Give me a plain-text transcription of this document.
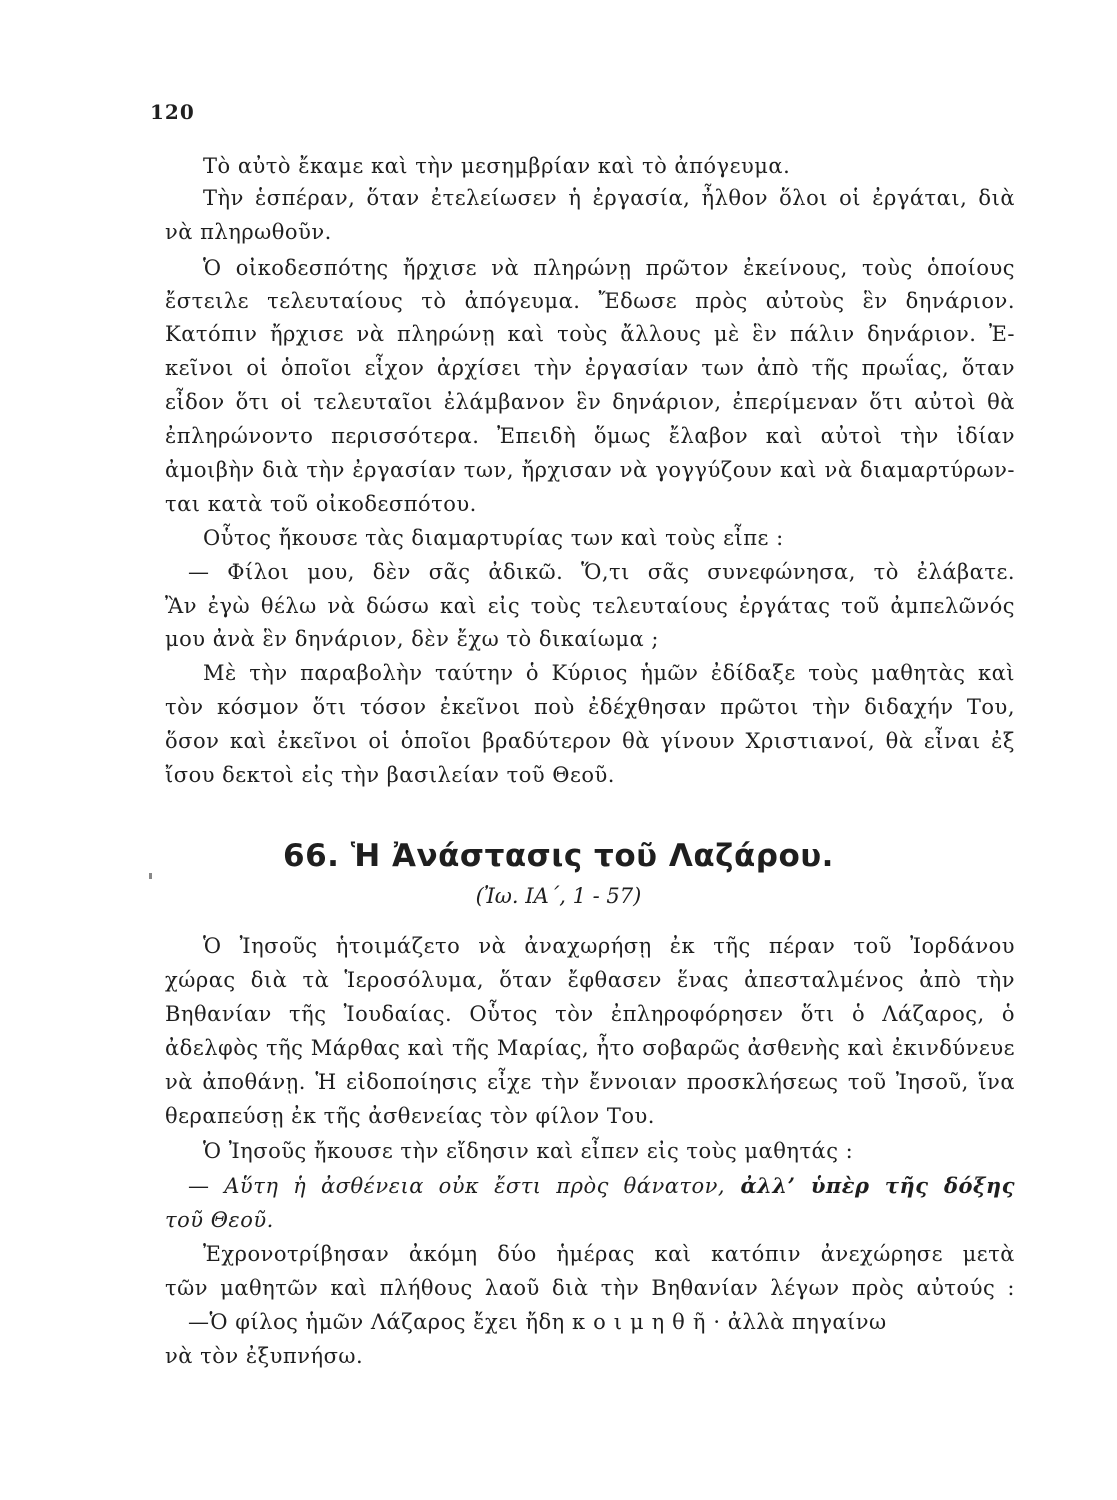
120
Τὸ αὐτὸ ἔκαμε καὶ τὴν μεσημβρίαν καὶ τὸ ἀπόγευμα.
Τὴν ἑσπέραν, ὅταν ἐτελείωσεν ἡ ἐργασία, ἦλθον ὅλοι οἱ ἐργάται, διὰ
νὰ πληρωθοῦν.
Ὁ οἰκοδεσπότης ἤρχισε νὰ πληρώνῃ πρῶτον ἐκείνους, τοὺς ὁποίους
ἔστειλε τελευταίους τὸ ἀπόγευμα. Ἔδωσε πρὸς αὐτοὺς ἓν δηνάριον.
Κατόπιν ἤρχισε νὰ πληρώνῃ καὶ τοὺς ἄλλους μὲ ἓν πάλιν δηνάριον. Ἐ-
κεῖνοι οἱ ὁποῖοι εἶχον ἀρχίσει τὴν ἐργασίαν των ἀπὸ τῆς πρωΐας, ὅταν
εἶδον ὅτι οἱ τελευταῖοι ἐλάμβανον ἓν δηνάριον, ἐπερίμεναν ὅτι αὐτοὶ θὰ
ἐπληρώνοντο περισσότερα. Ἐπειδὴ ὅμως ἔλαβον καὶ αὐτοὶ τὴν ἰδίαν
ἀμοιβὴν διὰ τὴν ἐργασίαν των, ἤρχισαν νὰ γογγύζουν καὶ νὰ διαμαρτύρων-
ται κατὰ τοῦ οἰκοδεσπότου.
Οὗτος ἤκουσε τὰς διαμαρτυρίας των καὶ τοὺς εἶπε :
— Φίλοι μου, δὲν σᾶς ἀδικῶ. Ὅ,τι σᾶς συνεφώνησα, τὸ ἐλάβατε.
Ἂν ἐγὼ θέλω νὰ δώσω καὶ εἰς τοὺς τελευταίους ἐργάτας τοῦ ἀμπελῶνός
μου ἀνὰ ἓν δηνάριον, δὲν ἔχω τὸ δικαίωμα ;
Μὲ τὴν παραβολὴν ταύτην ὁ Κύριος ἡμῶν ἐδίδαξε τοὺς μαθητὰς καὶ
τὸν κόσμον ὅτι τόσον ἐκεῖνοι ποὺ ἐδέχθησαν πρῶτοι τὴν διδαχήν Του,
ὅσον καὶ ἐκεῖνοι οἱ ὁποῖοι βραδύτερον θὰ γίνουν Χριστιανοί, θὰ εἶναι ἐξ
ἴσου δεκτοὶ εἰς τὴν βασιλείαν τοῦ Θεοῦ.
66. Ἡ Ἀνάστασις τοῦ Λαζάρου.
(Ἰω. ΙΑ΄, 1 - 57)
Ὁ Ἰησοῦς ἡτοιμάζετο νὰ ἀναχωρήσῃ ἐκ τῆς πέραν τοῦ Ἰορδάνου
χώρας διὰ τὰ Ἱεροσόλυμα, ὅταν ἔφθασεν ἕνας ἀπεσταλμένος ἀπὸ τὴν
Βηθανίαν τῆς Ἰουδαίας. Οὗτος τὸν ἐπληροφόρησεν ὅτι ὁ Λάζαρος, ὁ
ἀδελφὸς τῆς Μάρθας καὶ τῆς Μαρίας, ἦτο σοβαρῶς ἀσθενὴς καὶ ἐκινδύνευε
νὰ ἀποθάνῃ. Ἡ εἰδοποίησις εἶχε τὴν ἔννοιαν προσκλήσεως τοῦ Ἰησοῦ, ἵνα
θεραπεύσῃ ἐκ τῆς ἀσθενείας τὸν φίλον Του.
Ὁ Ἰησοῦς ἤκουσε τὴν εἴδησιν καὶ εἶπεν εἰς τοὺς μαθητάς :
— Αὕτη ἡ ἀσθένεια οὐκ ἔστι πρὸς θάνατον, ἀλλ’ ὑπὲρ τῆς δόξης
τοῦ Θεοῦ.
Ἐχρονοτρίβησαν ἀκόμη δύο ἡμέρας καὶ κατόπιν ἀνεχώρησε μετὰ
τῶν μαθητῶν καὶ πλήθους λαοῦ διὰ τὴν Βηθανίαν λέγων πρὸς αὐτούς :
—Ὁ φίλος ἡμῶν Λάζαρος ἔχει ἤδη κοιμηθῆ· ἀλλὰ πηγαίνω
νὰ τὸν ἐξυπνήσω.
